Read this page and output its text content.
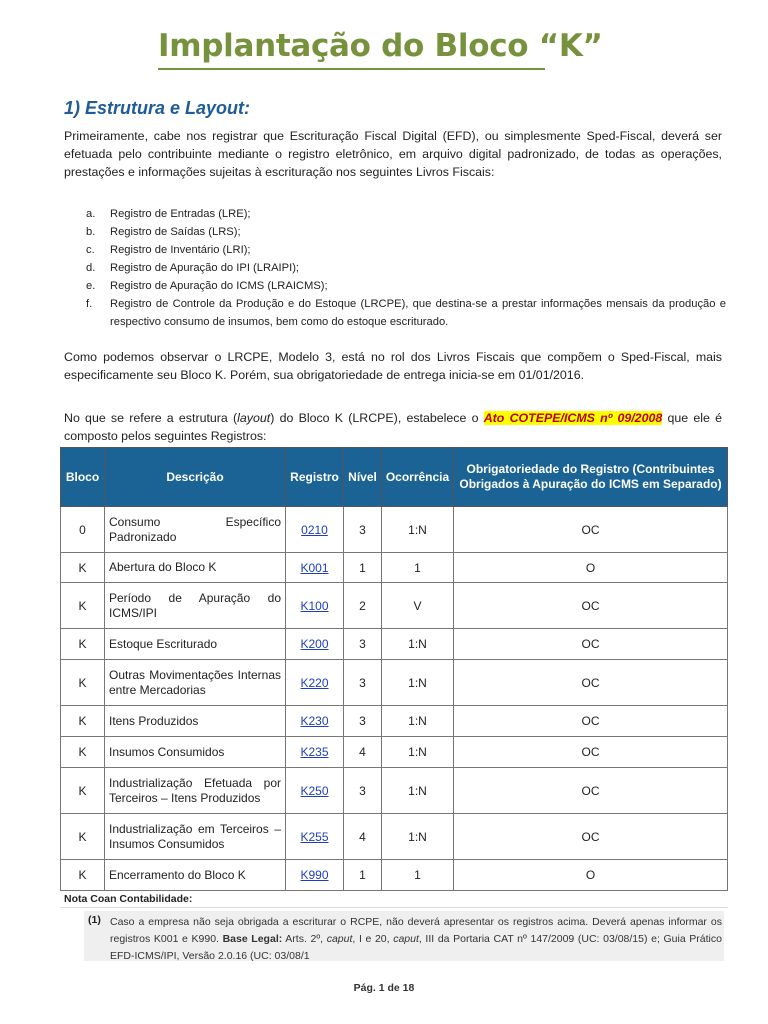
Implantação do Bloco “K”
1) Estrutura e Layout:

Primeiramente, cabe nos registrar que Escrituração Fiscal Digital (EFD), ou simplesmente Sped-Fiscal, deverá ser efetuada pelo contribuinte mediante o registro eletrônico, em arquivo digital padronizado, de todas as operações, prestações e informações sujeitas à escrituração nos seguintes Livros Fiscais:

a.	Registro de Entradas (LRE);
b.	Registro de Saídas (LRS);
c.	Registro de Inventário (LRI);
d.	Registro de Apuração do IPI (LRAIPI);
e.	Registro de Apuração do ICMS (LRAICMS);
f.	Registro de Controle da Produção e do Estoque (LRCPE), que destina-se a prestar informações mensais da produção e respectivo consumo de insumos, bem como do estoque escriturado.

Como podemos observar o LRCPE, Modelo 3, está no rol dos Livros Fiscais que compõem o Sped-Fiscal, mais especificamente seu Bloco K. Porém, sua obrigatoriedade de entrega inicia-se em 01/01/2016.

No que se refere a estrutura (layout) do Bloco K (LRCPE), estabelece o Ato COTEPE/ICMS nº 09/2008 que ele é composto pelos seguintes Registros:

Bloco	Descrição	Registro	Nível	Ocorrência	Obrigatoriedade do Registro (Contribuintes Obrigados à Apuração do ICMS em Separado)
0	Consumo Específico Padronizado	0210	3	1:N	OC
K	Abertura do Bloco K	K001	1	1	O
K	Período de Apuração do ICMS/IPI	K100	2	V	OC
K	Estoque Escriturado	K200	3	1:N	OC
K	Outras Movimentações Internas entre Mercadorias	K220	3	1:N	OC
K	Itens Produzidos	K230	3	1:N	OC
K	Insumos Consumidos	K235	4	1:N	OC
K	Industrialização Efetuada por Terceiros – Itens Produzidos	K250	3	1:N	OC
K	Industrialização em Terceiros – Insumos Consumidos	K255	4	1:N	OC
K	Encerramento do Bloco K	K990	1	1	O

Nota Coan Contabilidade:

(1) Caso a empresa não seja obrigada a escriturar o RCPE, não deverá apresentar os registros acima. Deverá apenas informar os registros K001 e K990. Base Legal: Arts. 2º, caput, I e 20, caput, III da Portaria CAT nº 147/2009 (UC: 03/08/15) e; Guia Prático EFD-ICMS/IPI, Versão 2.0.16 (UC: 03/08/1

Pág. 1 de 18
